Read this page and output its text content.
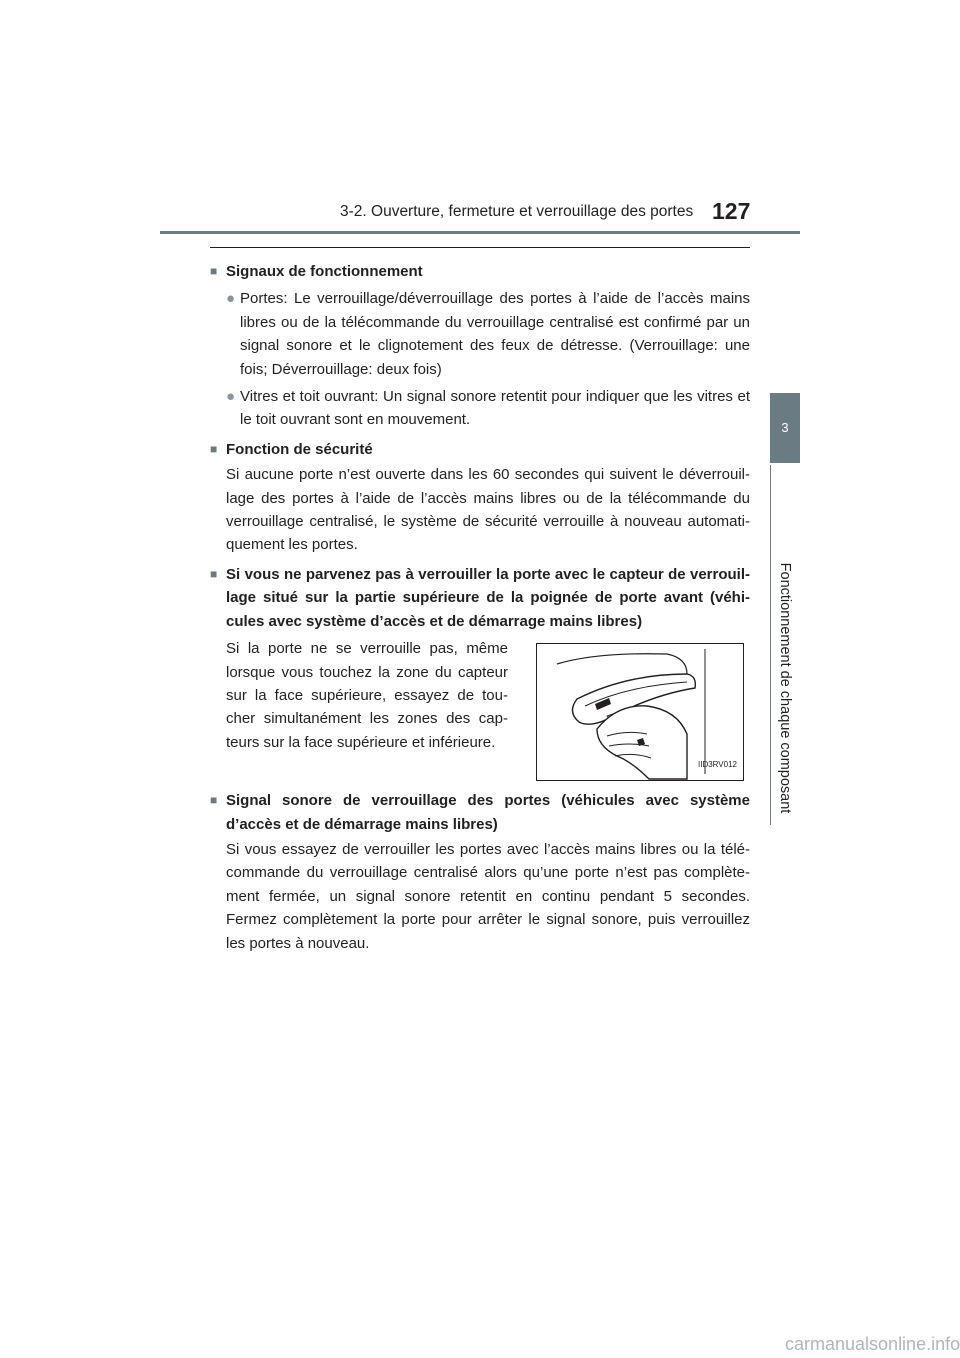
3-2. Ouverture, fermeture et verrouillage des portes 127
3
Fonctionnement de chaque composant
■ Signaux de fonctionnement
● Portes: Le verrouillage/déverrouillage des portes à l’aide de l’accès mains libres ou de la télécommande du verrouillage centralisé est confirmé par un signal sonore et le clignotement des feux de détresse. (Verrouillage: une fois; Déverrouillage: deux fois)
● Vitres et toit ouvrant: Un signal sonore retentit pour indiquer que les vitres et le toit ouvrant sont en mouvement.
■ Fonction de sécurité
Si aucune porte n’est ouverte dans les 60 secondes qui suivent le déverrouil-lage des portes à l’aide de l’accès mains libres ou de la télécommande du verrouillage centralisé, le système de sécurité verrouille à nouveau automati-quement les portes.
■ Si vous ne parvenez pas à verrouiller la porte avec le capteur de verrouil-lage situé sur la partie supérieure de la poignée de porte avant (véhi-cules avec système d’accès et de démarrage mains libres)
Si la porte ne se verrouille pas, même lorsque vous touchez la zone du capteur sur la face supérieure, essayez de tou-cher simultanément les zones des cap-teurs sur la face supérieure et inférieure.
IID3RV012
■ Signal sonore de verrouillage des portes (véhicules avec système d’accès et de démarrage mains libres)
Si vous essayez de verrouiller les portes avec l’accès mains libres ou la télé-commande du verrouillage centralisé alors qu’une porte n’est pas complète-ment fermée, un signal sonore retentit en continu pendant 5 secondes. Fermez complètement la porte pour arrêter le signal sonore, puis verrouillez les portes à nouveau.
carmanualsonline.info
